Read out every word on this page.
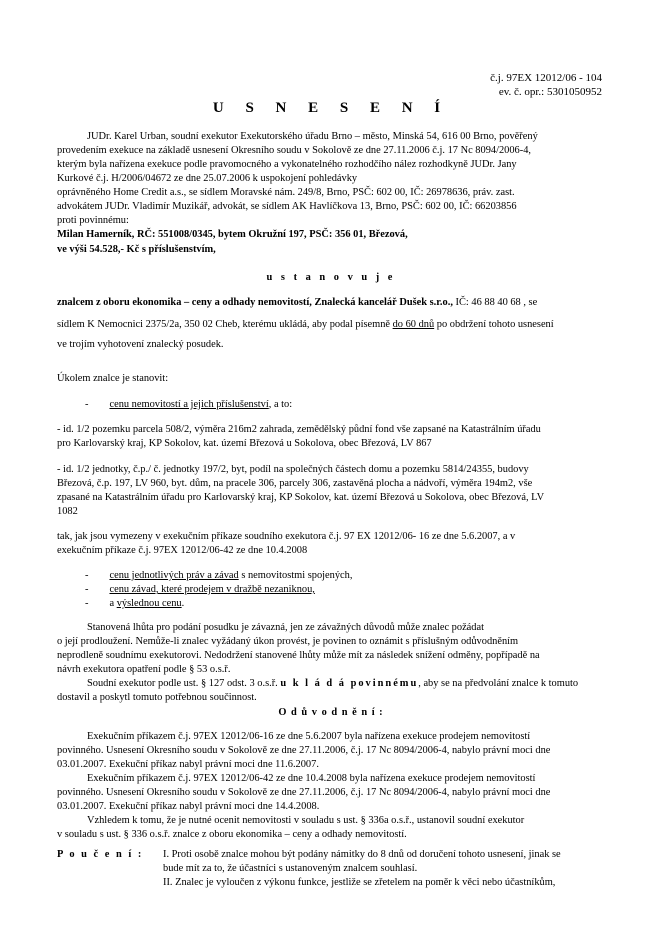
č.j. 97EX 12012/06 - 104
ev. č. opr.: 5301050952
U S N E S E N Í
JUDr. Karel Urban, soudní exekutor Exekutorského úřadu Brno – město, Minská 54, 616 00 Brno, pověřený
provedením exekuce na základě usnesení Okresního soudu v Sokolově ze dne 27.11.2006 č.j. 17 Nc 8094/2006-4,
kterým byla nařízena exekuce podle pravomocného a vykonatelného rozhodčího nález rozhodkyně JUDr. Jany
Kurkové č.j. H/2006/04672 ze dne 25.07.2006 k uspokojení pohledávky
oprávněného Home Credit a.s., se sídlem Moravské nám. 249/8, Brno, PSČ: 602 00, IČ: 26978636, práv. zast.
advokátem JUDr. Vladimír Muzikář, advokát, se sídlem AK Havlíčkova 13, Brno, PSČ: 602 00, IČ: 66203856
proti povinnému:
Milan Hamerník, RČ: 551008/0345, bytem Okružní 197, PSČ: 356 01, Březová,
ve výši 54.528,- Kč s příslušenstvím,
u s t a n o v u j e
znalcem z oboru ekonomika – ceny a odhady nemovitostí, Znalecká kancelář Dušek s.r.o., IČ: 46 88 40 68 , se
sídlem K Nemocnici 2375/2a, 350 02 Cheb, kterému ukládá, aby podal písemně do 60 dnů po obdržení tohoto usnesení
ve trojím vyhotovení znalecký posudek.
Úkolem znalce je stanovit:
- cenu nemovitostí a jejich příslušenství, a to:
- id. 1/2 pozemku parcela 508/2, výměra 216m2 zahrada, zemědělský půdní fond vše zapsané na Katastrálním úřadu
pro Karlovarský kraj, KP Sokolov, kat. území Březová u Sokolova, obec Březová, LV 867
- id. 1/2 jednotky, č.p./ č. jednotky 197/2, byt, podíl na společných částech domu a pozemku 5814/24355, budovy
Březová, č.p. 197, LV 960, byt. dům, na pracele 306, parcely 306, zastavěná plocha a nádvoří, výměra 194m2, vše
zpasané na Katastrálním úřadu pro Karlovarský kraj, KP Sokolov, kat. území Březová u Sokolova, obec Březová, LV
1082
tak, jak jsou vymezeny v exekučním příkaze soudního exekutora č.j. 97 EX 12012/06- 16 ze dne 5.6.2007, a v
exekučním příkaze č.j. 97EX 12012/06-42 ze dne 10.4.2008
- cenu jednotlivých práv a závad s nemovitostmi spojených,
- cenu závad, které prodejem v dražbě nezaniknou,
- a výslednou cenu.
Stanovená lhůta pro podání posudku je závazná, jen ze závažných důvodů může znalec požádat
o její prodloužení. Nemůže-li znalec vyžádaný úkon provést, je povinen to oznámit s příslušným odůvodněním
neprodleně soudnímu exekutorovi. Nedodržení stanovené lhůty může mít za následek snížení odměny, popřípadě na
návrh exekutora opatření podle § 53 o.s.ř.
Soudní exekutor podle ust. § 127 odst. 3 o.s.ř. u k l á d á povinnému, aby se na předvolání znalce k tomuto
dostavil a poskytl tomuto potřebnou součinnost.
O d ů v o d n ě n í :
Exekučním příkazem č.j. 97EX 12012/06-16 ze dne 5.6.2007 byla nařízena exekuce prodejem nemovitostí
povinného. Usnesení Okresního soudu v Sokolově ze dne 27.11.2006, č.j. 17 Nc 8094/2006-4, nabylo právní moci dne
03.01.2007. Exekuční příkaz nabyl právní moci dne 11.6.2007.
Exekučním příkazem č.j. 97EX 12012/06-42 ze dne 10.4.2008 byla nařízena exekuce prodejem nemovitostí
povinného. Usnesení Okresního soudu v Sokolově ze dne 27.11.2006, č.j. 17 Nc 8094/2006-4, nabylo právní moci dne
03.01.2007. Exekuční příkaz nabyl právní moci dne 14.4.2008.
Vzhledem k tomu, že je nutné ocenit nemovitosti v souladu s ust. § 336a o.s.ř., ustanovil soudní exekutor
v souladu s ust. § 336 o.s.ř. znalce z oboru ekonomika – ceny a odhady nemovitostí.
P o u č e n í : I. Proti osobě znalce mohou být podány námitky do 8 dnů od doručení tohoto usnesení, jinak se
bude mít za to, že účastníci s ustanoveným znalcem souhlasí.
II. Znalec je vyloučen z výkonu funkce, jestliže se zřetelem na poměr k věci nebo účastníkům,
